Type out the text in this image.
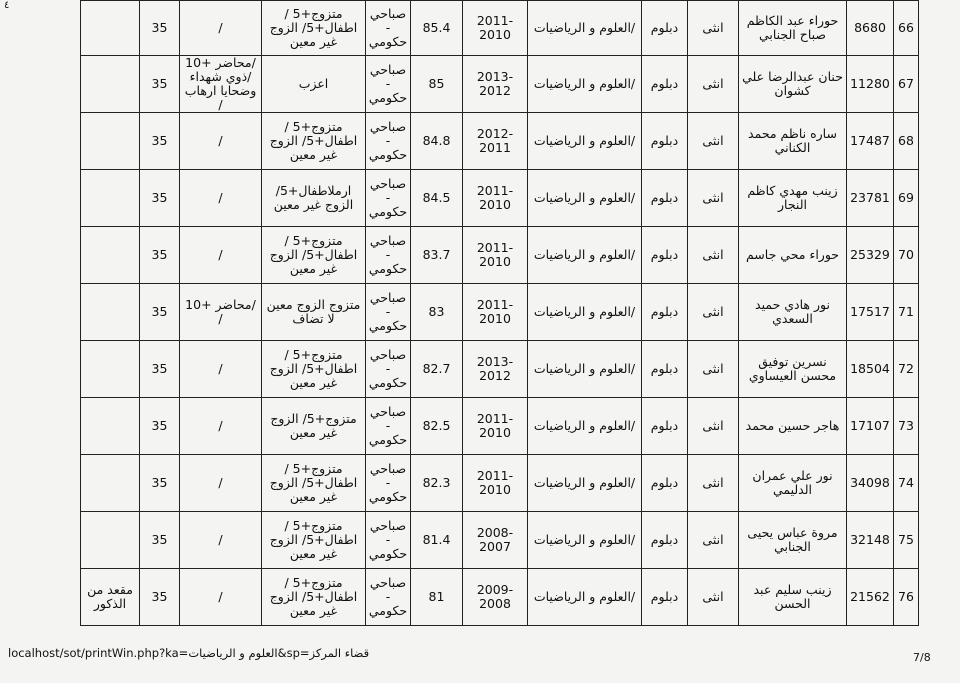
٤
66	8680	حوراء عبد الكاظم صباح الجنابي	انثى	دبلوم	/العلوم و الرياضيات	2011-2010	85.4	صباحي - حكومي	متزوج+5 / اطفال+5/ الزوج غير معين	/	35	
67	11280	حنان عبدالرضا علي كشوان	انثى	دبلوم	/العلوم و الرياضيات	2013-2012	85	صباحي - حكومي	اعزب	/محاضر +10 /ذوي شهداء وضحايا ارهاب /	35	
68	17487	ساره ناظم محمد الكناني	انثى	دبلوم	/العلوم و الرياضيات	2012-2011	84.8	صباحي - حكومي	متزوج+5 / اطفال+5/ الزوج غير معين	/	35	
69	23781	زينب مهدي كاظم النجار	انثى	دبلوم	/العلوم و الرياضيات	2011-2010	84.5	صباحي - حكومي	ارملاطفال+5/ الزوج غير معين	/	35	
70	25329	حوراء محي جاسم	انثى	دبلوم	/العلوم و الرياضيات	2011-2010	83.7	صباحي - حكومي	متزوج+5 / اطفال+5/ الزوج غير معين	/	35	
71	17517	نور هادي حميد السعدي	انثى	دبلوم	/العلوم و الرياضيات	2011-2010	83	صباحي - حكومي	متزوج الزوج معين لا تضاف	/محاضر +10 /	35	
72	18504	نسرين توفيق محسن العيساوي	انثى	دبلوم	/العلوم و الرياضيات	2013-2012	82.7	صباحي - حكومي	متزوج+5 / اطفال+5/ الزوج غير معين	/	35	
73	17107	هاجر حسين محمد	انثى	دبلوم	/العلوم و الرياضيات	2011-2010	82.5	صباحي - حكومي	متزوج+5/ الزوج غير معين	/	35	
74	34098	نور علي عمران الدليمي	انثى	دبلوم	/العلوم و الرياضيات	2011-2010	82.3	صباحي - حكومي	متزوج+5 / اطفال+5/ الزوج غير معين	/	35	
75	32148	مروة عباس يحيى الجنابي	انثى	دبلوم	/العلوم و الرياضيات	2008-2007	81.4	صباحي - حكومي	متزوج+5 / اطفال+5/ الزوج غير معين	/	35	
76	21562	زينب سليم عبد الحسن	انثى	دبلوم	/العلوم و الرياضيات	2009-2008	81	صباحي - حكومي	متزوج+5 / اطفال+5/ الزوج غير معين	/	35	مقعد من الذكور
localhost/sot/printWin.php?ka=العلوم و الرياضيات&sp=قضاء المركز	7/8
